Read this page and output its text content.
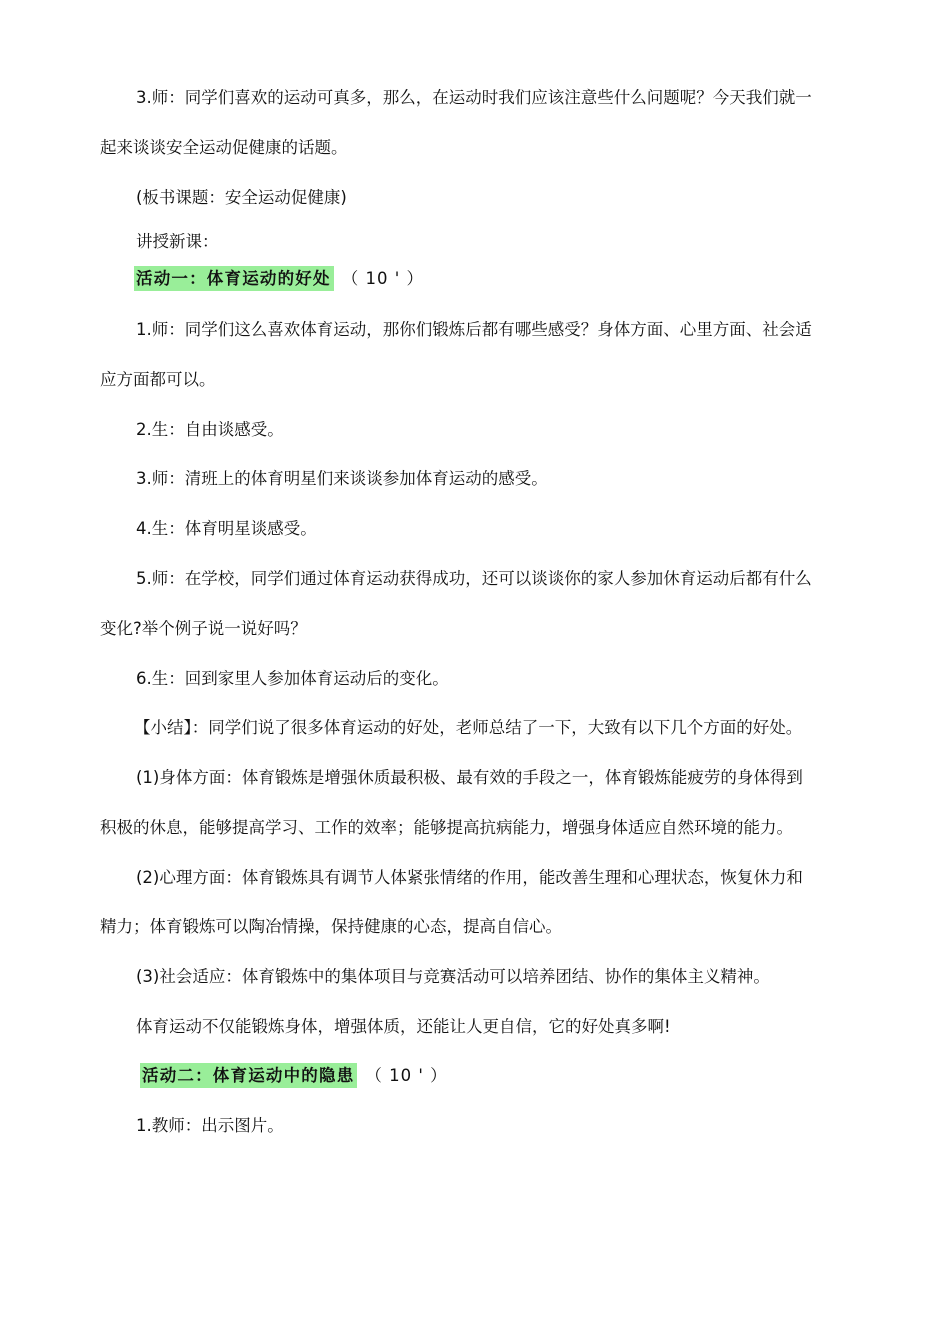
3.师：同学们喜欢的运动可真多，那么，在运动时我们应该注意些什么问题呢？今天我们就一
起来谈谈安全运动促健康的话题。
(板书课题：安全运动促健康)
讲授新课：
活动一：体育运动的好处 （ 10 ' ）
1.师：同学们这么喜欢体育运动，那你们锻炼后都有哪些感受？身体方面、心里方面、社会适
应方面都可以。
2.生：自由谈感受。
3.师：清班上的体育明星们来谈谈参加体育运动的感受。
4.生：体育明星谈感受。
5.师：在学校，同学们通过体育运动获得成功，还可以谈谈你的家人参加休育运动后都有什么
变化?举个例子说一说好吗？
6.生：回到家里人参加体育运动后的变化。
【小结】：同学们说了很多体育运动的好处，老师总结了一下，大致有以下几个方面的好处。
(1)身体方面：体育锻炼是增强休质最积极、最有效的手段之一，体育锻炼能疲劳的身体得到
积极的休息，能够提高学习、工作的效率；能够提高抗病能力，增强身体适应自然环境的能力。
(2)心理方面：体育锻炼具有调节人体紧张情绪的作用，能改善生理和心理状态，恢复休力和
精力；体育锻炼可以陶冶情操，保持健康的心态，提高自信心。
(3)社会适应：体育锻炼中的集体项目与竞赛活动可以培养团结、协作的集体主义精神。
体育运动不仅能锻炼身体，增强体质，还能让人更自信，它的好处真多啊!
活动二：体育运动中的隐患 （ 10 ' ）
1.教师：出示图片。
